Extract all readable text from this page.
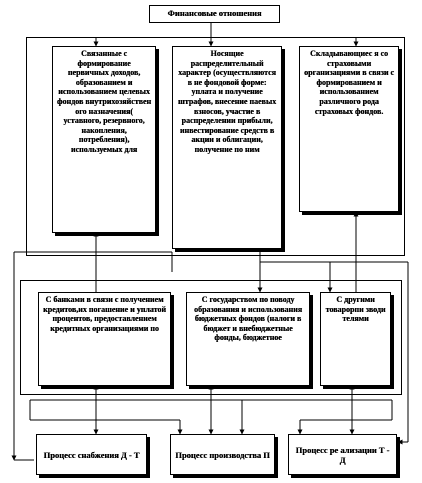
Финансовые отношения
Связанные с формирование первичных доходов, образованием и использованием целевых фондов внутрихозяйствен ого назначения( уставного, резервного, накопления, потребления), используемых для
Носящие распределительный характер (осуществляются в не фондовой форме: уплата и получение штрафов, внесение паевых взносов, участие в распределении прибыли, инвестирование средств в акции и облигации, получение по ним
Складывающиес я со страховыми организациями в связи с формированием и использованием различного рода страховых фондов.
С банками в связи с получением кредитов,их погашение и уплатой процентов, предоставлением кредитных организациями по
С государством по поводу образования и использования бюджетных фондов (налоги в бюджет и внебюджетные фонды, бюджетное
С другими товарорпи зводи телями
Процесс снабжения Д - Т	Процесс производства П	Процесс ре ализации Т - Д
